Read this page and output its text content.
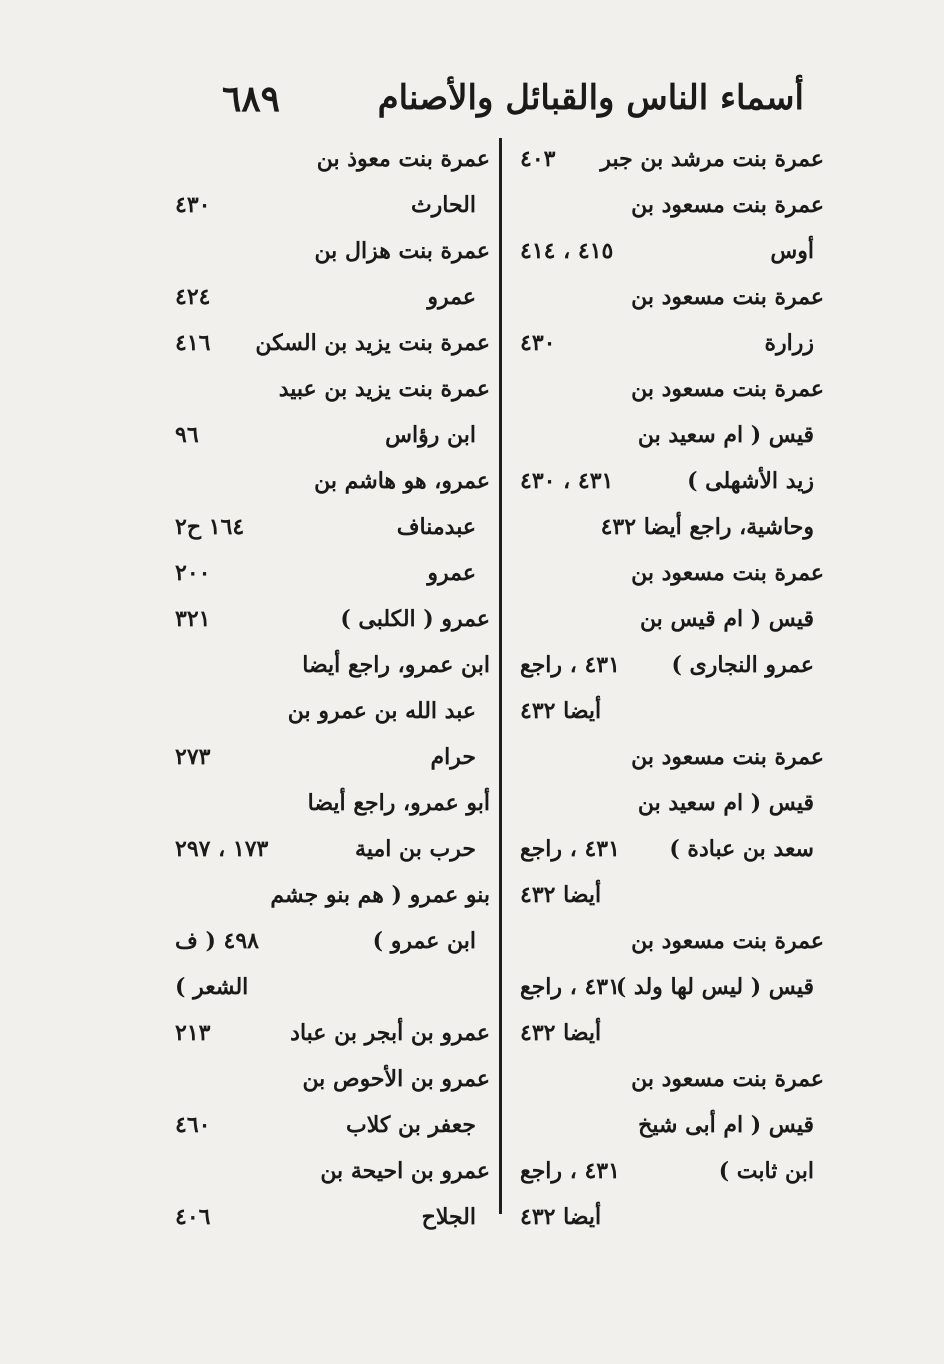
أسماء الناس والقبائل والأصنام
٦٨٩
عمرة بنت مرشد بن جبر
٤٠٣
عمرة بنت مسعود بن
أوس
٤١٥ ، ٤١٤
عمرة بنت مسعود بن
زرارة
٤٣٠
عمرة بنت مسعود بن
قيس ( ام سعيد بن
زيد الأشهلى )
٤٣١ ، ٤٣٠
وحاشية، راجع أيضا ٤٣٢
عمرة بنت مسعود بن
قيس ( ام قيس بن
عمرو النجارى )
٤٣١ ، راجع
أيضا ٤٣٢
عمرة بنت مسعود بن
قيس ( ام سعيد بن
سعد بن عبادة )
٤٣١ ، راجع
أيضا ٤٣٢
عمرة بنت مسعود بن
قيس ( ليس لها ولد )
٤٣١ ، راجع
أيضا ٤٣٢
عمرة بنت مسعود بن
قيس ( ام أبى شيخ
ابن ثابت )
٤٣١ ، راجع
أيضا ٤٣٢
عمرة بنت معوذ بن
الحارث
٤٣٠
عمرة بنت هزال بن
عمرو
٤٢٤
عمرة بنت يزيد بن السكن
٤١٦
عمرة بنت يزيد بن عبيد
ابن رؤاس
٩٦
عمرو، هو هاشم بن
عبدمناف
١٦٤ ح٢
عمرو
٢٠٠
عمرو ( الكلبى )
٣٢١
ابن عمرو، راجع أيضا
عبد الله بن عمرو بن
حرام
٢٧٣
أبو عمرو، راجع أيضا
حرب بن امية
١٧٣ ، ٢٩٧
بنو عمرو ( هم بنو جشم
ابن عمرو )
٤٩٨ ( ف
الشعر )
عمرو بن أبجر بن عباد
٢١٣
عمرو بن الأحوص بن
جعفر بن كلاب
٤٦٠
عمرو بن احيحة بن
الجلاح
٤٠٦
